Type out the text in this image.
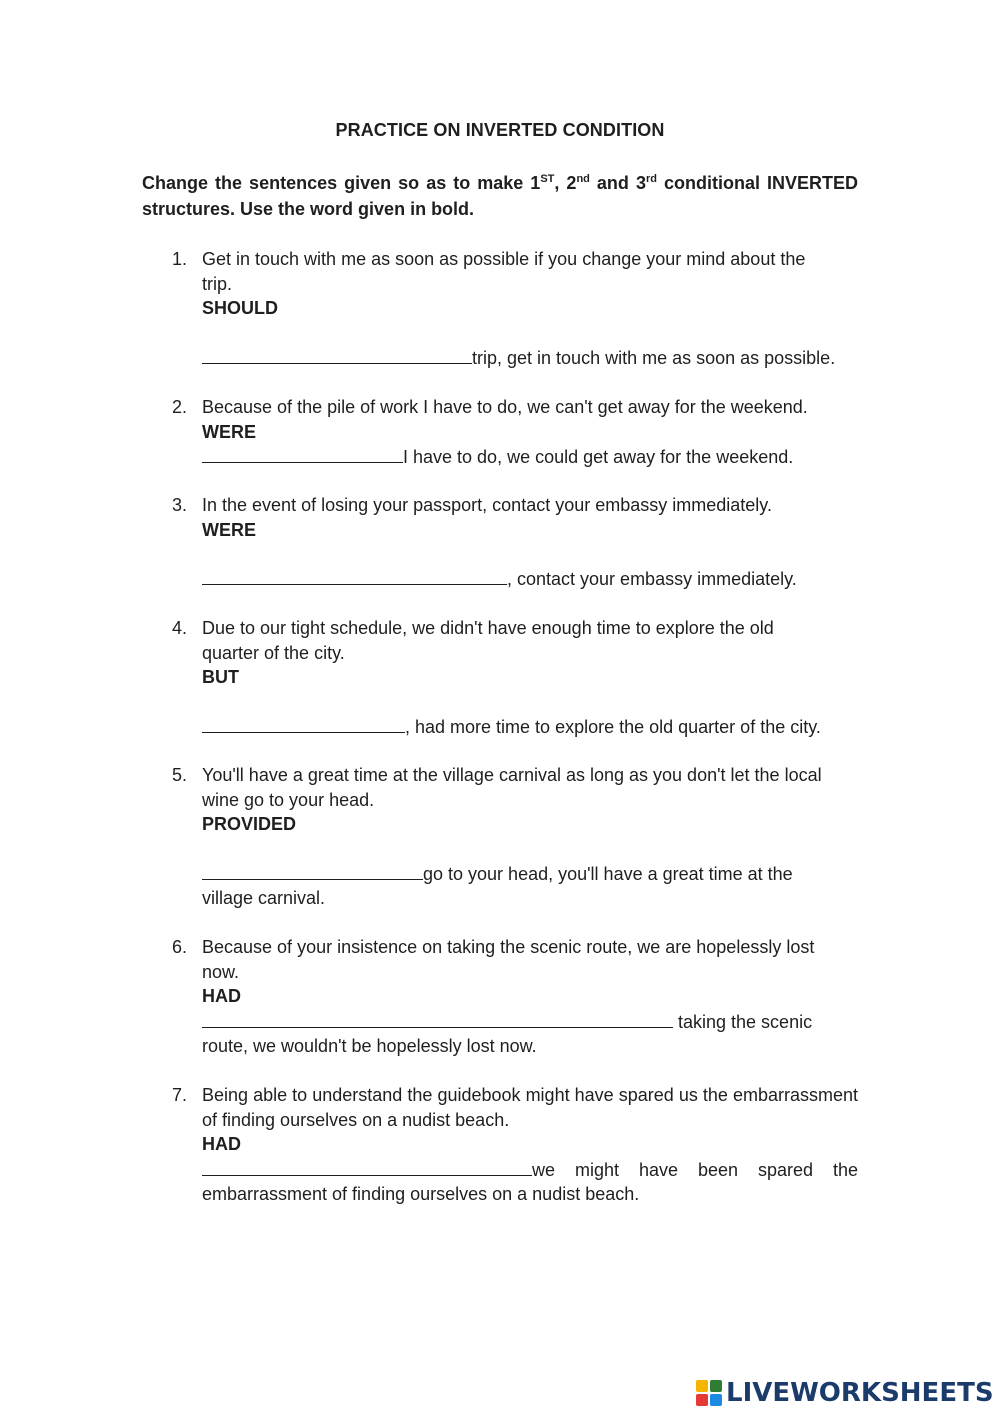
PRACTICE ON INVERTED CONDITION
Change the sentences given so as to make 1ST, 2nd and 3rd conditional INVERTED structures. Use the word given in bold.
1. Get in touch with me as soon as possible if you change your mind about the trip.
SHOULD
trip, get in touch with me as soon as possible.
2. Because of the pile of work I have to do, we can't get away for the weekend.
WERE
I have to do, we could get away for the weekend.
3. In the event of losing your passport, contact your embassy immediately.
WERE
, contact your embassy immediately.
4. Due to our tight schedule, we didn't have enough time to explore the old quarter of the city.
BUT
, had more time to explore the old quarter of the city.
5. You'll have a great time at the village carnival as long as you don't let the local wine go to your head.
PROVIDED
go to your head, you'll have a great time at the
village carnival.
6. Because of your insistence on taking the scenic route, we are hopelessly lost now.
HAD
taking the scenic
route, we wouldn't be hopelessly lost now.
7. Being able to understand the guidebook might have spared us the embarrassment of finding ourselves on a nudist beach.
HAD
we might have been spared the
embarrassment of finding ourselves on a nudist beach.
LIVEWORKSHEETS
